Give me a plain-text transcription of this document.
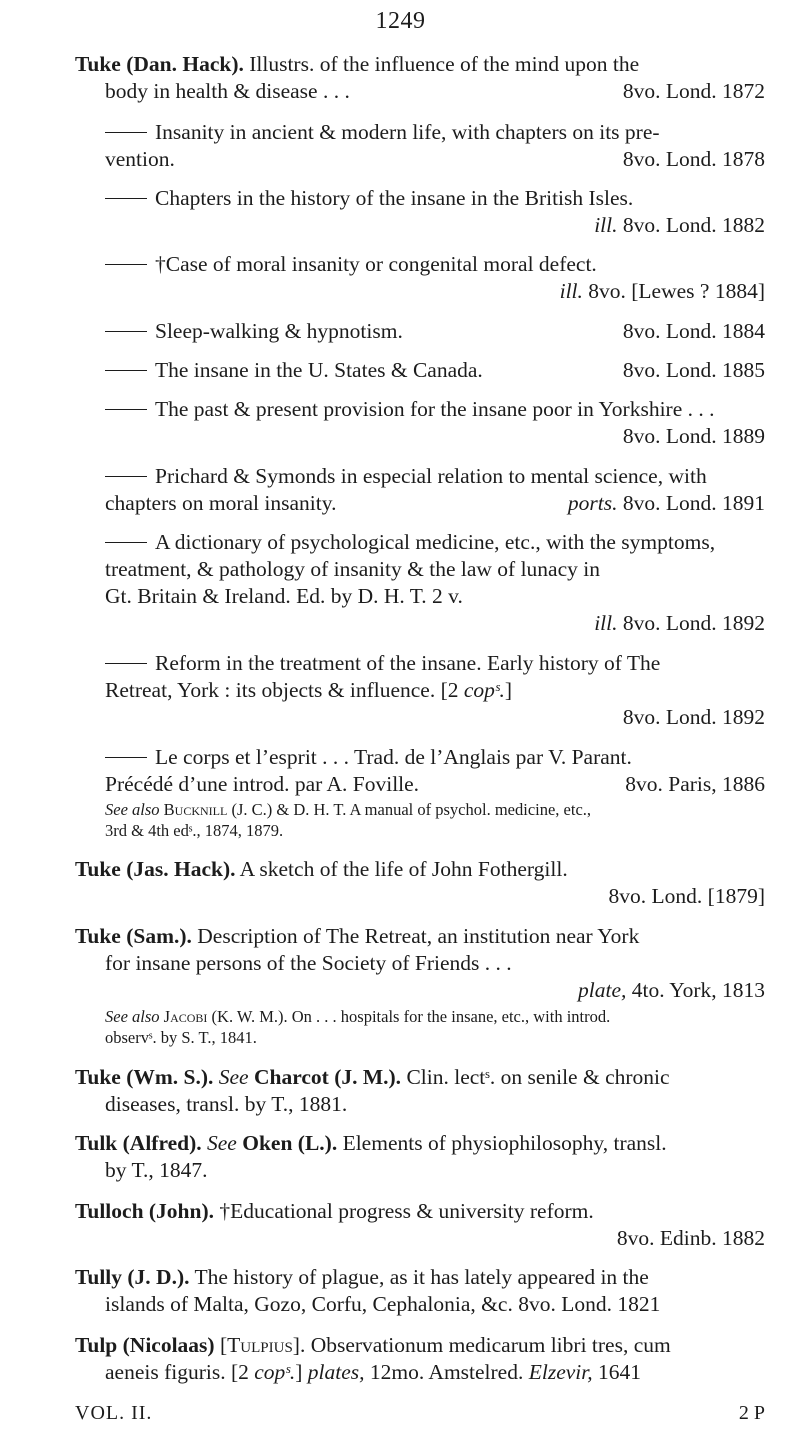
1249
Tuke (Dan. Hack). Illustrs. of the influence of the mind upon the
body in health & disease . . .	8vo. Lond. 1872
Insanity in ancient & modern life, with chapters on its pre-
vention.	8vo. Lond. 1878
Chapters in the history of the insane in the British Isles.
ill. 8vo. Lond. 1882
†Case of moral insanity or congenital moral defect.
ill. 8vo. [Lewes ? 1884]
Sleep-walking & hypnotism.	8vo. Lond. 1884
The insane in the U. States & Canada.	8vo. Lond. 1885
The past & present provision for the insane poor in Yorkshire . . .
8vo. Lond. 1889
Prichard & Symonds in especial relation to mental science, with
chapters on moral insanity.	ports. 8vo. Lond. 1891
A dictionary of psychological medicine, etc., with the symptoms,
treatment, & pathology of insanity & the law of lunacy in
Gt. Britain & Ireland. Ed. by D. H. T. 2 v.
ill. 8vo. Lond. 1892
Reform in the treatment of the insane. Early history of The
Retreat, York : its objects & influence. [2 copˢ.]
8vo. Lond. 1892
Le corps et l’esprit . . . Trad. de l’Anglais par V. Parant.
Précédé d’une introd. par A. Foville.	8vo. Paris, 1886
See also Bucknill (J. C.) & D. H. T. A manual of psychol. medicine, etc.,
3rd & 4th edˢ., 1874, 1879.
Tuke (Jas. Hack). A sketch of the life of John Fothergill.
8vo. Lond. [1879]
Tuke (Sam.). Description of The Retreat, an institution near York
for insane persons of the Society of Friends . . .
plate, 4to. York, 1813
See also Jacobi (K. W. M.). On . . . hospitals for the insane, etc., with introd.
observˢ. by S. T., 1841.
Tuke (Wm. S.). See Charcot (J. M.). Clin. lectˢ. on senile & chronic
diseases, transl. by T., 1881.
Tulk (Alfred). See Oken (L.). Elements of physiophilosophy, transl.
by T., 1847.
Tulloch (John). †Educational progress & university reform.
8vo. Edinb. 1882
Tully (J. D.). The history of plague, as it has lately appeared in the
islands of Malta, Gozo, Corfu, Cephalonia, &c. 8vo. Lond. 1821
Tulp (Nicolaas) [Tulpius]. Observationum medicarum libri tres, cum
aeneis figuris. [2 copˢ.] plates, 12mo. Amstelred. Elzevir, 1641
VOL. II.	2 P
